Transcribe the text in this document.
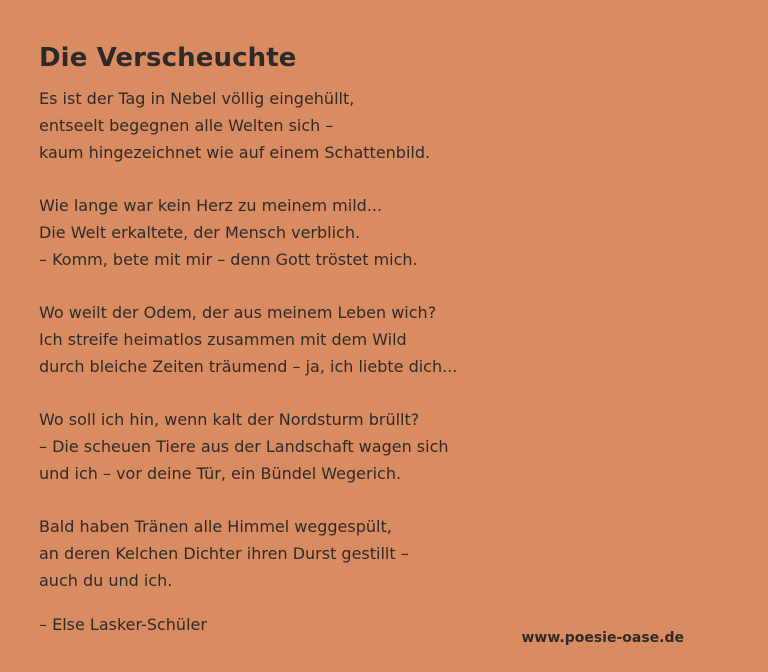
Die Verscheuchte
Es ist der Tag in Nebel völlig eingehüllt,
entseelt begegnen alle Welten sich –
kaum hingezeichnet wie auf einem Schattenbild.
Wie lange war kein Herz zu meinem mild...
Die Welt erkaltete, der Mensch verblich.
– Komm, bete mit mir – denn Gott tröstet mich.
Wo weilt der Odem, der aus meinem Leben wich?
Ich streife heimatlos zusammen mit dem Wild
durch bleiche Zeiten träumend – ja, ich liebte dich...
Wo soll ich hin, wenn kalt der Nordsturm brüllt?
– Die scheuen Tiere aus der Landschaft wagen sich
und ich – vor deine Tür, ein Bündel Wegerich.
Bald haben Tränen alle Himmel weggespült,
an deren Kelchen Dichter ihren Durst gestillt –
auch du und ich.
– Else Lasker-Schüler
www.poesie-oase.de
